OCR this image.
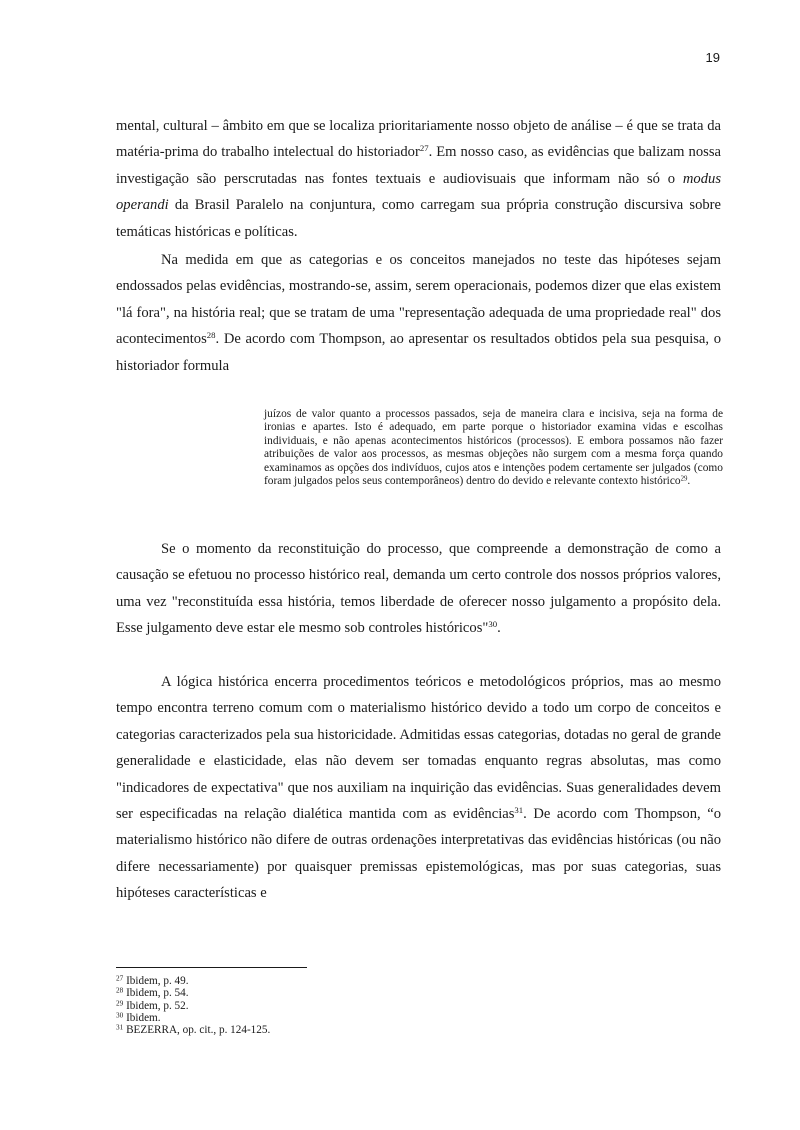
19

mental, cultural – âmbito em que se localiza prioritariamente nosso objeto de análise – é que se trata da matéria-prima do trabalho intelectual do historiador$^{27}$. Em nosso caso, as evidências que balizam nossa investigação são perscrutadas nas fontes textuais e audiovisuais que informam não só o modus operandi da Brasil Paralelo na conjuntura, como carregam sua própria construção discursiva sobre temáticas históricas e políticas.

Na medida em que as categorias e os conceitos manejados no teste das hipóteses sejam endossados pelas evidências, mostrando-se, assim, serem operacionais, podemos dizer que elas existem "lá fora", na história real; que se tratam de uma "representação adequada de uma propriedade real" dos acontecimentos$^{28}$. De acordo com Thompson, ao apresentar os resultados obtidos pela sua pesquisa, o historiador formula

juízos de valor quanto a processos passados, seja de maneira clara e incisiva, seja na forma de ironias e apartes. Isto é adequado, em parte porque o historiador examina vidas e escolhas individuais, e não apenas acontecimentos históricos (processos). E embora possamos não fazer atribuições de valor aos processos, as mesmas objeções não surgem com a mesma força quando examinamos as opções dos indivíduos, cujos atos e intenções podem certamente ser julgados (como foram julgados pelos seus contemporâneos) dentro do devido e relevante contexto histórico$^{29}$.

Se o momento da reconstituição do processo, que compreende a demonstração de como a causação se efetuou no processo histórico real, demanda um certo controle dos nossos próprios valores, uma vez "reconstituída essa história, temos liberdade de oferecer nosso julgamento a propósito dela. Esse julgamento deve estar ele mesmo sob controles históricos"$^{30}$.

A lógica histórica encerra procedimentos teóricos e metodológicos próprios, mas ao mesmo tempo encontra terreno comum com o materialismo histórico devido a todo um corpo de conceitos e categorias caracterizados pela sua historicidade. Admitidas essas categorias, dotadas no geral de grande generalidade e elasticidade, elas não devem ser tomadas enquanto regras absolutas, mas como "indicadores de expectativa" que nos auxiliam na inquirição das evidências. Suas generalidades devem ser especificadas na relação dialética mantida com as evidências$^{31}$. De acordo com Thompson, “o materialismo histórico não difere de outras ordenações interpretativas das evidências históricas (ou não difere necessariamente) por quaisquer premissas epistemológicas, mas por suas categorias, suas hipóteses características e

$^{27}$ Ibidem, p. 49.
$^{28}$ Ibidem, p. 54.
$^{29}$ Ibidem, p. 52.
$^{30}$ Ibidem.
$^{31}$ BEZERRA, op. cit., p. 124-125.
